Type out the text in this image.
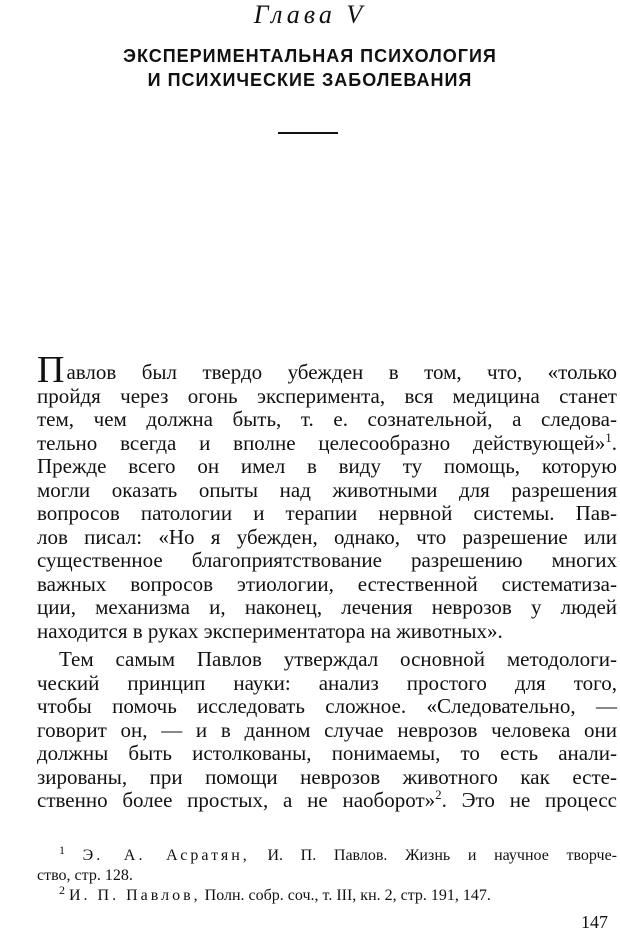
Глава V
ЭКСПЕРИМЕНТАЛЬНАЯ ПСИХОЛОГИЯ
И ПСИХИЧЕСКИЕ ЗАБОЛЕВАНИЯ
Павлов был твердо убежден в том, что, «только
пройдя через огонь эксперимента, вся медицина станет
тем, чем должна быть, т. е. сознательной, а следова-
тельно всегда и вполне целесообразно действующей»$^1$.
Прежде всего он имел в виду ту помощь, которую
могли оказать опыты над животными для разрешения
вопросов патологии и терапии нервной системы. Пав-
лов писал: «Но я убежден, однако, что разрешение или
существенное благоприятствование разрешению многих
важных вопросов этиологии, естественной систематиза-
ции, механизма и, наконец, лечения неврозов у людей
находится в руках экспериментатора на животных».
Тем самым Павлов утверждал основной методологи-
ческий принцип науки: анализ простого для того,
чтобы помочь исследовать сложное. «Следовательно, —
говорит он, — и в данном случае неврозов человека они
должны быть истолкованы, понимаемы, то есть анали-
зированы, при помощи неврозов животного как есте-
ственно более простых, а не наоборот»$^2$. Это не процесс
$^1$ Э. А. Асратян, И. П. Павлов. Жизнь и научное творче-
ство, стр. 128.
$^2$ И. П. Павлов, Полн. собр. соч., т. III, кн. 2, стр. 191, 147.
147
